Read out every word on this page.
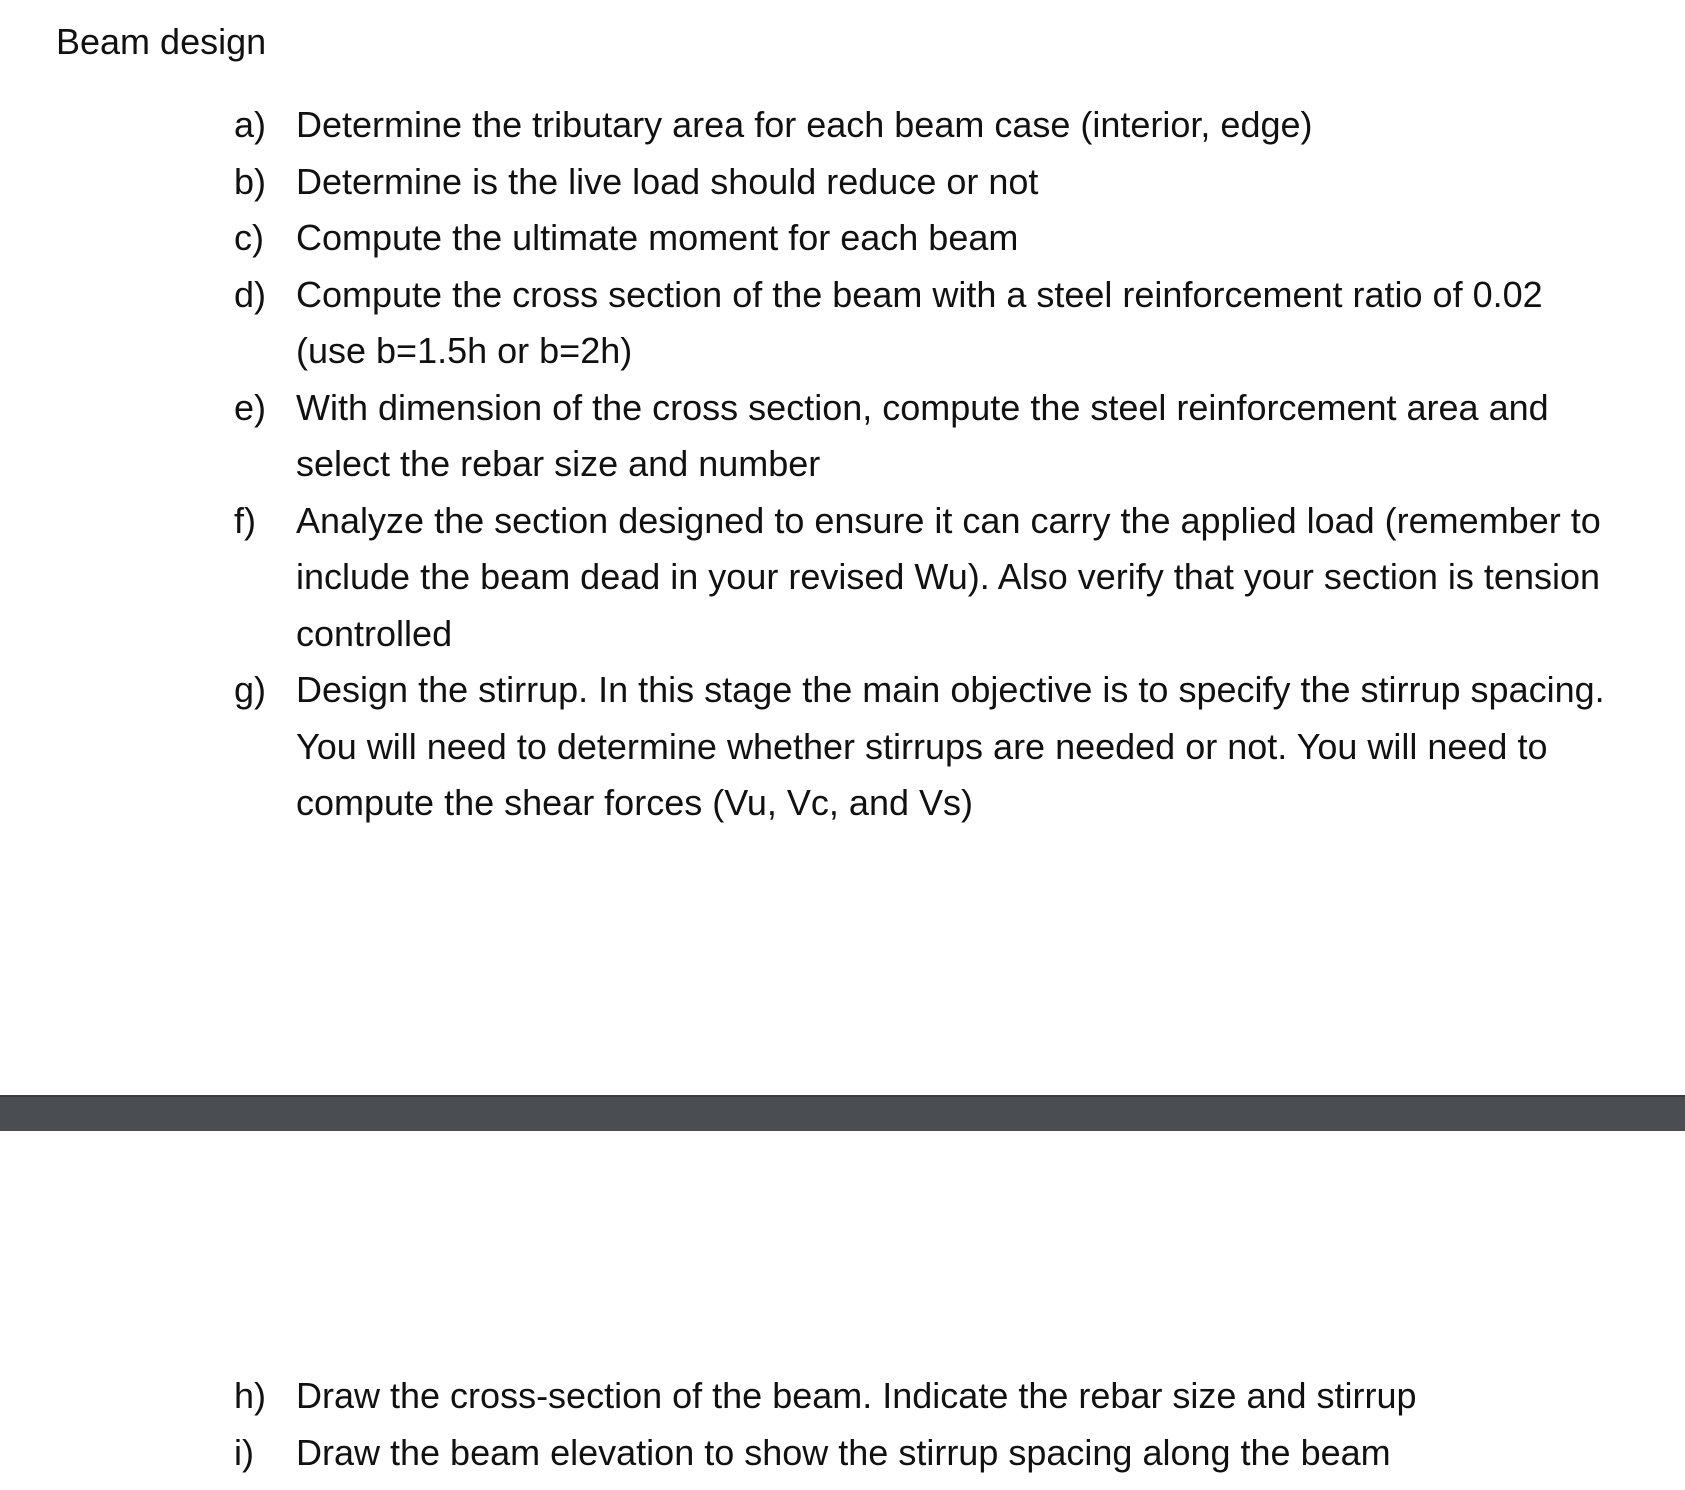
Beam design
a) Determine the tributary area for each beam case (interior, edge)
b) Determine is the live load should reduce or not
c) Compute the ultimate moment for each beam
d) Compute the cross section of the beam with a steel reinforcement ratio of 0.02 (use b=1.5h or b=2h)
e) With dimension of the cross section, compute the steel reinforcement area and select the rebar size and number
f)	Analyze the section designed to ensure it can carry the applied load (remember to include the beam dead in your revised Wu). Also verify that your section is tension controlled
g) Design the stirrup. In this stage the main objective is to specify the stirrup spacing. You will need to determine whether stirrups are needed or not. You will need to compute the shear forces (Vu, Vc, and Vs)
h) Draw the cross-section of the beam. Indicate the rebar size and stirrup
i)	Draw the beam elevation to show the stirrup spacing along the beam
